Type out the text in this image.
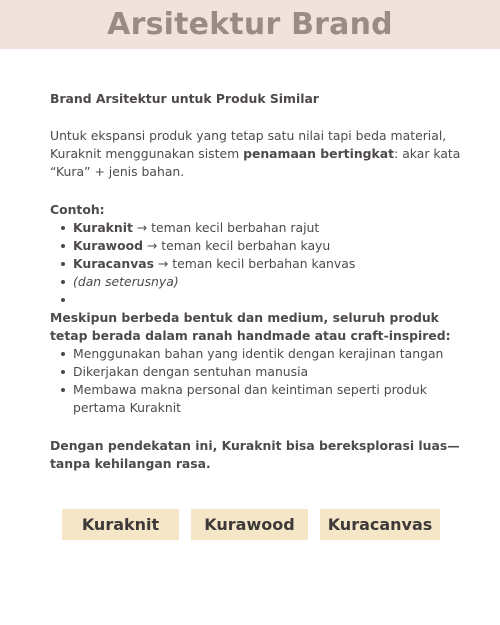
Arsitektur Brand

Brand Arsitektur untuk Produk Similar

Untuk ekspansi produk yang tetap satu nilai tapi beda material, Kuraknit menggunakan sistem penamaan bertingkat: akar kata “Kura” + jenis bahan.

Contoh:

Kuraknit → teman kecil berbahan rajut
Kurawood → teman kecil berbahan kayu
Kuracanvas → teman kecil berbahan kanvas
(dan seterusnya)

Meskipun berbeda bentuk dan medium, seluruh produk tetap berada dalam ranah handmade atau craft-inspired:

Menggunakan bahan yang identik dengan kerajinan tangan
Dikerjakan dengan sentuhan manusia
Membawa makna personal dan keintiman seperti produk pertama Kuraknit

Dengan pendekatan ini, Kuraknit bisa bereksplorasi luas—tanpa kehilangan rasa.

Kuraknit	Kurawood	Kuracanvas
